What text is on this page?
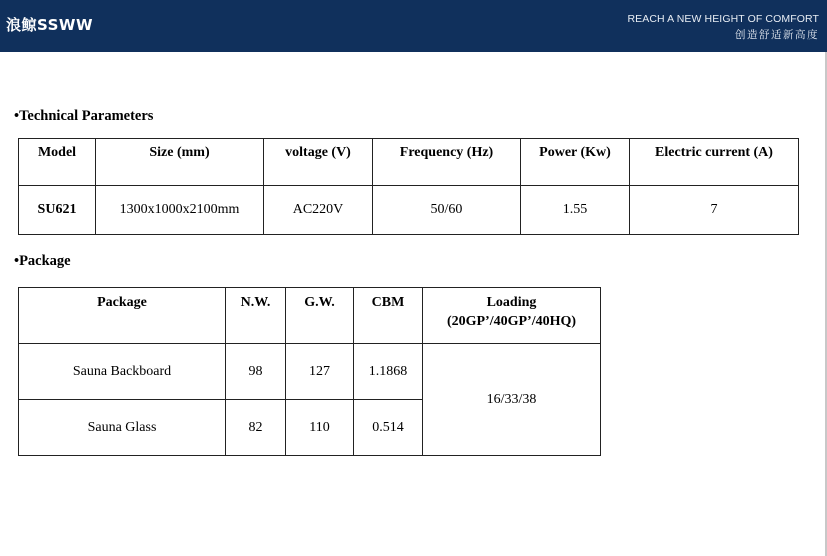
浪鲸SSWW	REACH A NEW HEIGHT OF COMFORT
创造舒适新高度
•Technical Parameters
Model	Size (mm)	voltage (V)	Frequency (Hz)	Power (Kw)	Electric current (A)
SU621	1300x1000x2100mm	AC220V	50/60	1.55	7
•Package
Package	N.W.	G.W.	CBM	Loading
(20GP’/40GP’/40HQ)

Sauna Backboard	98	127	1.1868	16/33/38
Sauna Glass	82	110	0.514	
